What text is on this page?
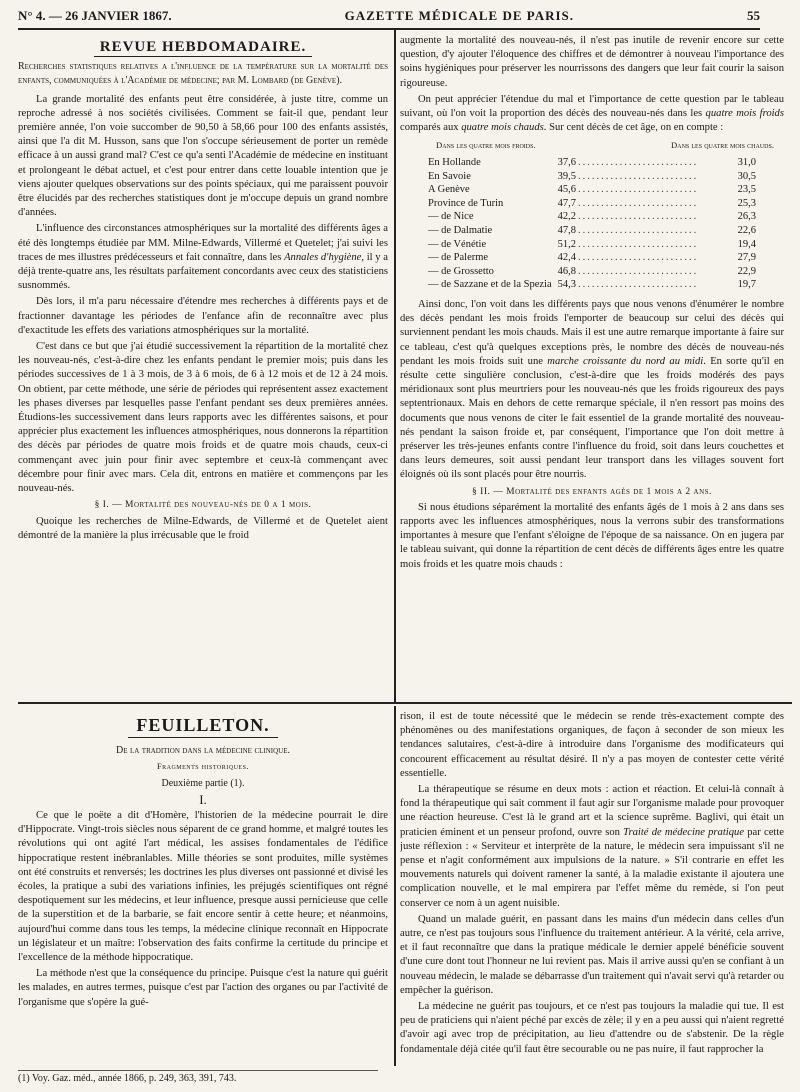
N° 4. — 26 JANVIER 1867.	GAZETTE MÉDICALE DE PARIS.	55
REVUE HEBDOMADAIRE.

Recherches statistiques relatives a l'influence de la température sur la mortalité des enfants, communiquées à l'Académie de médecine; par M. Lombard (de Genève).

La grande mortalité des enfants peut être considérée, à juste titre, comme un reproche adressé à nos sociétés civilisées. Comment se fait-il que, pendant leur première année, l'on voie succomber de 90,50 à 58,66 pour 100 des enfants assistés, ainsi que l'a dit M. Husson, sans que l'on s'occupe sérieusement de porter un remède efficace à un aussi grand mal? C'est ce qu'a senti l'Académie de médecine en instituant et prolongeant le débat actuel, et c'est pour entrer dans cette louable intention que je viens ajouter quelques observations sur des points spéciaux, qui me paraissent pouvoir être élucidés par des recherches statistiques dont je m'occupe depuis un grand nombre d'années.

L'influence des circonstances atmosphériques sur la mortalité des différents âges a été dès longtemps étudiée par MM. Milne-Edwards, Villermé et Quetelet; j'ai suivi les traces de mes illustres prédécesseurs et fait connaître, dans les Annales d'hygiène, il y a déjà trente-quatre ans, les résultats parfaitement concordants avec ceux des statisticiens susnommés.

Dès lors, il m'a paru nécessaire d'étendre mes recherches à différents pays et de fractionner davantage les périodes de l'enfance afin de reconnaître avec plus d'exactitude les effets des variations atmosphériques sur la mortalité.

C'est dans ce but que j'ai étudié successivement la répartition de la mortalité chez les nouveau-nés, c'est-à-dire chez les enfants pendant le premier mois; puis dans les périodes successives de 1 à 3 mois, de 3 à 6 mois, de 6 à 12 mois et de 12 à 24 mois. On obtient, par cette méthode, une série de périodes qui représentent assez exactement les phases diverses par lesquelles passe l'enfant pendant ses deux premières années. Étudions-les successivement dans leurs rapports avec les différentes saisons, et pour apprécier plus exactement les influences atmosphériques, nous donnerons la répartition des décès par périodes de quatre mois froids et de quatre mois chauds, ceux-ci commençant avec juin pour finir avec septembre et ceux-là commençant avec décembre pour finir avec mars. Cela dit, entrons en matière et commençons par les nouveau-nés.

§ I. — Mortalité des nouveau-nés de 0 a 1 mois.

Quoique les recherches de Milne-Edwards, de Villermé et de Quetelet aient démontré de la manière la plus irrécusable que le froid

augmente la mortalité des nouveau-nés, il n'est pas inutile de revenir encore sur cette question, d'y ajouter l'éloquence des chiffres et de démontrer à nouveau l'importance des soins hygiéniques pour préserver les nourrissons des dangers que leur fait courir la saison rigoureuse.

On peut apprécier l'étendue du mal et l'importance de cette question par le tableau suivant, où l'on voit la proportion des décès des nouveau-nés dans les quatre mois froids comparés aux quatre mois chauds. Sur cent décès de cet âge, on en compte :

Dans les quatre mois froids.	Dans les quatre mois chauds.
En Hollande	37,6 ..........................	31,0
En Savoie	39,5 ..........................	30,5
A Genève	45,6 ..........................	23,5
Province de Turin	47,7 ..........................	25,3
— de Nice	42,2 ..........................	26,3
— de Dalmatie	47,8 ..........................	22,6
— de Vénétie	51,2 ..........................	19,4
— de Palerme	42,4 ..........................	27,9
— de Grossetto	46,8 ..........................	22,9
— de Sazzane et de la Spezia 54,3 ..........................	19,7

Ainsi donc, l'on voit dans les différents pays que nous venons d'énumérer le nombre des décès pendant les mois froids l'emporter de beaucoup sur celui des décès qui surviennent pendant les mois chauds. Mais il est une autre remarque importante à faire sur ce tableau, c'est qu'à quelques exceptions près, le nombre des décès de nouveau-nés pendant les mois froids suit une marche croissante du nord au midi. En sorte qu'il en résulte cette singulière conclusion, c'est-à-dire que les froids modérés des pays méridionaux sont plus meurtriers pour les nouveau-nés que les froids rigoureux des pays septentrionaux. Mais en dehors de cette remarque spéciale, il n'en ressort pas moins des documents que nous venons de citer le fait essentiel de la grande mortalité des nouveau-nés pendant la saison froide et, par conséquent, l'importance que l'on doit mettre à préserver les très-jeunes enfants contre l'influence du froid, soit dans leurs couchettes et dans leurs demeures, soit aussi pendant leur transport dans les villages souvent fort éloignés où ils sont placés pour être nourris.

§ II. — Mortalité des enfants agés de 1 mois a 2 ans.

Si nous étudions séparément la mortalité des enfants âgés de 1 mois à 2 ans dans ses rapports avec les influences atmosphériques, nous la verrons subir des transformations importantes à mesure que l'enfant s'éloigne de l'époque de sa naissance. On en jugera par le tableau suivant, qui donne la répartition de cent décès de différents âges entre les quatre mois froids et les quatre mois chauds :

FEUILLETON.

De la tradition dans la médecine clinique.

Fragments historiques.

Deuxième partie (1).

I.

Ce que le poëte a dit d'Homère, l'historien de la médecine pourrait le dire d'Hippocrate. Vingt-trois siècles nous séparent de ce grand homme, et malgré toutes les révolutions qui ont agité l'art médical, les assises fondamentales de l'édifice hippocratique restent inébranlables. Mille théories se sont produites, mille systèmes ont été construits et renversés; les doctrines les plus diverses ont passionné et divisé les écoles, la pratique a subi des variations infinies, les préjugés scientifiques ont régné despotiquement sur les médecins, et leur influence, presque aussi pernicieuse que celle de la superstition et de la barbarie, se fait encore sentir à cette heure; et néanmoins, aujourd'hui comme dans tous les temps, la médecine clinique reconnaît en Hippocrate un législateur et un maître: l'observation des faits confirme la certitude du principe et l'excellence de la méthode hippocratique.

La méthode n'est que la conséquence du principe. Puisque c'est la nature qui guérit les malades, en autres termes, puisque c'est par l'action des organes ou par l'activité de l'organisme que s'opère la gué-

rison, il est de toute nécessité que le médecin se rende très-exactement compte des phénomènes ou des manifestations organiques, de façon à seconder de son mieux les tendances salutaires, c'est-à-dire à introduire dans l'organisme des modificateurs qui concourent efficacement au résultat désiré. Il n'y a pas moyen de contester cette vérité essentielle.

La thérapeutique se résume en deux mots : action et réaction. Et celui-là connaît à fond la thérapeutique qui sait comment il faut agir sur l'organisme malade pour provoquer une réaction heureuse. C'est là le grand art et la science suprême. Baglivi, qui était un praticien éminent et un penseur profond, ouvre son Traité de médecine pratique par cette juste réflexion : « Serviteur et interprète de la nature, le médecin sera impuissant s'il ne pense et n'agit conformément aux impulsions de la nature. » S'il contrarie en effet les mouvements naturels qui doivent ramener la santé, à la maladie existante il ajoutera une complication nouvelle, et le mal empirera par l'effet même du remède, si l'on peut conserver ce nom à un agent nuisible.

Quand un malade guérit, en passant dans les mains d'un médecin dans celles d'un autre, ce n'est pas toujours sous l'influence du traitement antérieur. A la vérité, cela arrive, et il faut reconnaître que dans la pratique médicale le dernier appelé bénéficie souvent d'une cure dont tout l'honneur ne lui revient pas. Mais il arrive aussi qu'en se confiant à un nouveau médecin, le malade se débarrasse d'un traitement qui n'avait servi qu'à retarder ou empêcher la guérison.

La médecine ne guérit pas toujours, et ce n'est pas toujours la maladie qui tue. Il est peu de praticiens qui n'aient péché par excès de zèle; il y en a peu aussi qui n'aient regretté d'avoir agi avec trop de précipitation, au lieu d'attendre ou de s'abstenir. De la règle fondamentale déjà citée qu'il faut être secourable ou ne pas nuire, il faut rapprocher la

(1) Voy. Gaz. méd., année 1866, p. 249, 363, 391, 743.
